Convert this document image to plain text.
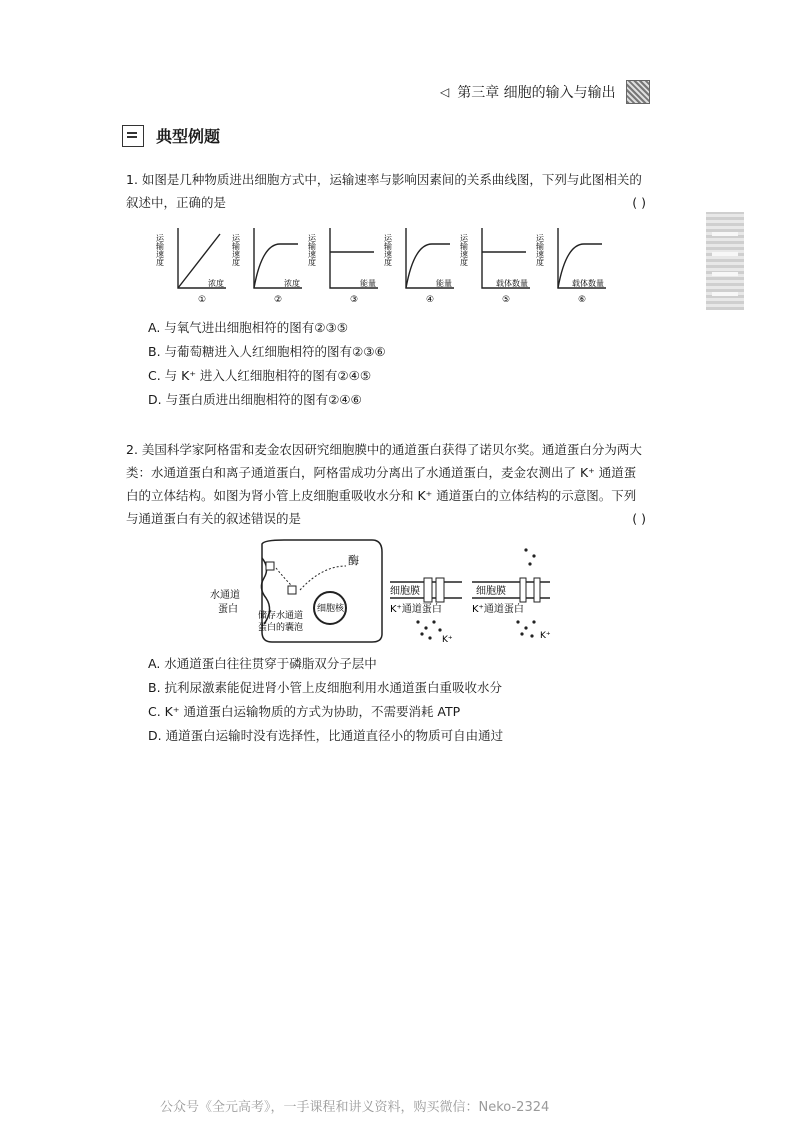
◁ 第三章 细胞的输入与输出
典型例题
1. 如图是几种物质进出细胞方式中，运输速率与影响因素间的关系曲线图，下列与此图相关的叙述中，正确的是	( )
运输速度
浓度
①
运输速度
浓度
②
运输速度
能量
③
运输速度
能量
④
运输速度
载体数量
⑤
运输速度
载体数量
⑥
A. 与氧气进出细胞相符的图有②③⑤
B. 与葡萄糖进入人红细胞相符的图有②③⑥
C. 与 K⁺ 进入人红细胞相符的图有②④⑤
D. 与蛋白质进出细胞相符的图有②④⑥
2. 美国科学家阿格雷和麦金农因研究细胞膜中的通道蛋白获得了诺贝尔奖。通道蛋白分为两大类：水通道蛋白和离子通道蛋白，阿格雷成功分离出了水通道蛋白，麦金农测出了 K⁺ 通道蛋白的立体结构。如图为肾小管上皮细胞重吸收水分和 K⁺ 通道蛋白的立体结构的示意图。下列与通道蛋白有关的叙述错误的是	( )
细胞核
酶
水通道
蛋白
储存水通道
蛋白的囊泡
细胞膜
K⁺通道蛋白
K⁺
细胞膜
K⁺通道蛋白
K⁺
A. 水通道蛋白往往贯穿于磷脂双分子层中
B. 抗利尿激素能促进肾小管上皮细胞利用水通道蛋白重吸收水分
C. K⁺ 通道蛋白运输物质的方式为协助，不需要消耗 ATP
D. 通道蛋白运输时没有选择性，比通道直径小的物质可自由通过
公众号《全元高考》，一手课程和讲义资料，购买微信：Neko-2324
